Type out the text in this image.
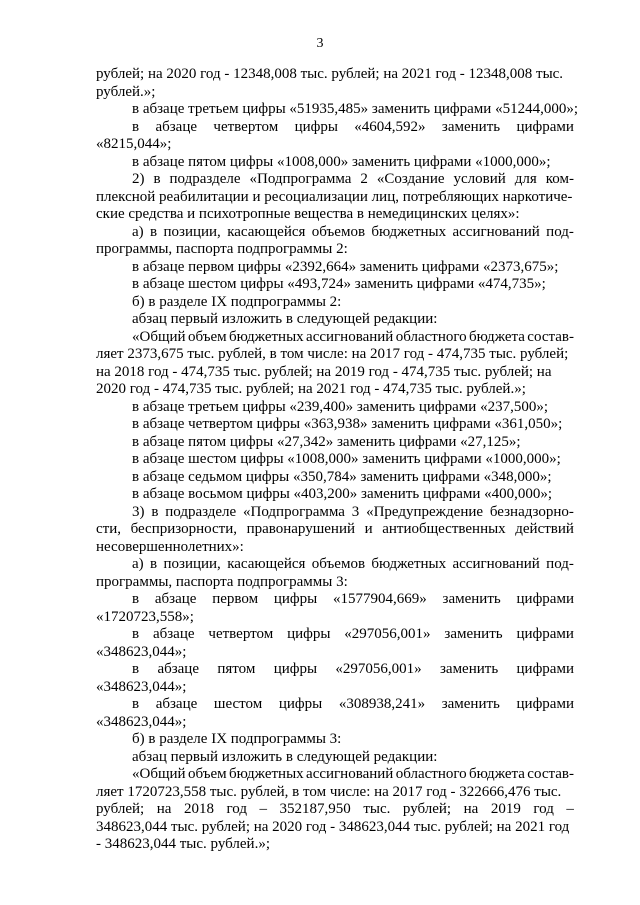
3
рублей; на 2020 год - 12348,008 тыс. рублей; на 2021 год - 12348,008 тыс.
рублей.»;
в абзаце третьем цифры «51935,485» заменить цифрами «51244,000»;
в абзаце четвертом цифры «4604,592» заменить цифрами
«8215,044»;
в абзаце пятом цифры «1008,000» заменить цифрами «1000,000»;
2) в подразделе «Подпрограмма 2 «Создание условий для ком-
плексной реабилитации и ресоциализации лиц, потребляющих наркотиче-
ские средства и психотропные вещества в немедицинских целях»:
а) в позиции, касающейся объемов бюджетных ассигнований под-
программы, паспорта подпрограммы 2:
в абзаце первом цифры «2392,664» заменить цифрами «2373,675»;
в абзаце шестом цифры «493,724» заменить цифрами «474,735»;
б) в разделе IX подпрограммы 2:
абзац первый изложить в следующей редакции:
«Общий объем бюджетных ассигнований областного бюджета состав-
ляет 2373,675 тыс. рублей, в том числе: на 2017 год - 474,735 тыс. рублей;
на 2018 год - 474,735 тыс. рублей; на 2019 год - 474,735 тыс. рублей; на
2020 год - 474,735 тыс. рублей; на 2021 год - 474,735 тыс. рублей.»;
в абзаце третьем цифры «239,400» заменить цифрами «237,500»;
в абзаце четвертом цифры «363,938» заменить цифрами «361,050»;
в абзаце пятом цифры «27,342» заменить цифрами «27,125»;
в абзаце шестом цифры «1008,000» заменить цифрами «1000,000»;
в абзаце седьмом цифры «350,784» заменить цифрами «348,000»;
в абзаце восьмом цифры «403,200» заменить цифрами «400,000»;
3) в подразделе «Подпрограмма 3 «Предупреждение безнадзорно-
сти, беспризорности, правонарушений и антиобщественных действий
несовершеннолетних»:
а) в позиции, касающейся объемов бюджетных ассигнований под-
программы, паспорта подпрограммы 3:
в абзаце первом цифры «1577904,669» заменить цифрами
«1720723,558»;
в абзаце четвертом цифры «297056,001» заменить цифрами
«348623,044»;
в абзаце пятом цифры «297056,001» заменить цифрами
«348623,044»;
в абзаце шестом цифры «308938,241» заменить цифрами
«348623,044»;
б) в разделе IX подпрограммы 3:
абзац первый изложить в следующей редакции:
«Общий объем бюджетных ассигнований областного бюджета состав-
ляет 1720723,558 тыс. рублей, в том числе: на 2017 год - 322666,476 тыс.
рублей; на 2018 год – 352187,950 тыс. рублей; на 2019 год –
348623,044 тыс. рублей; на 2020 год - 348623,044 тыс. рублей; на 2021 год
- 348623,044 тыс. рублей.»;
